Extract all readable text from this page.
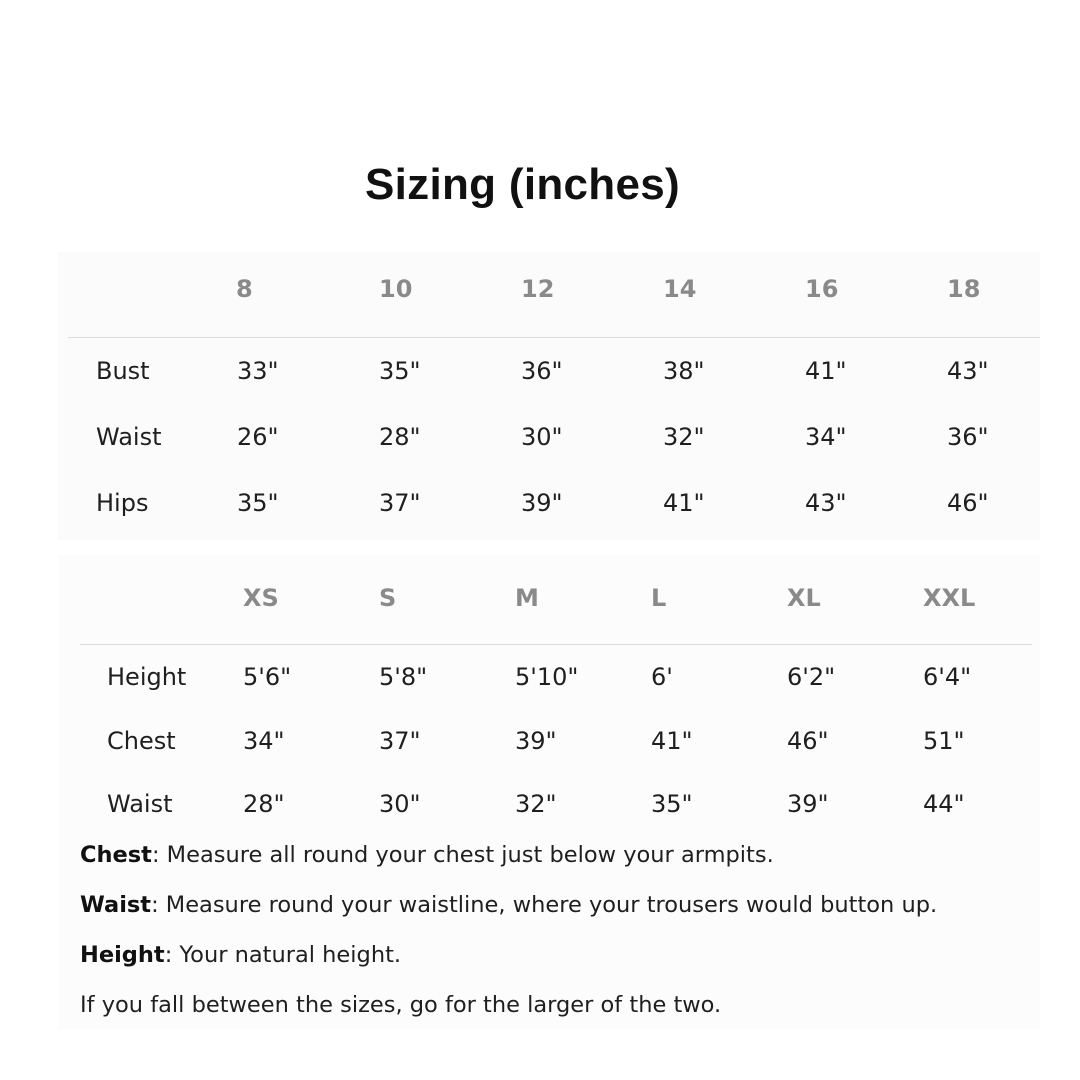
Sizing (inches)
8	10	12	14	16	18
Bust	33"	35"	36"	38"	41"	43"
Waist	26"	28"	30"	32"	34"	36"
Hips	35"	37"	39"	41"	43"	46"
XS	S	M	L	XL	XXL
Height 5'6"	5'8"	5'10"	6'	6'2"	6'4"
Chest	34"	37"	39"	41"	46"	51"
Waist	28"	30"	32"	35"	39"	44"
Chest: Measure all round your chest just below your armpits.
Waist: Measure round your waistline, where your trousers would button up.
Height: Your natural height.
If you fall between the sizes, go for the larger of the two.
